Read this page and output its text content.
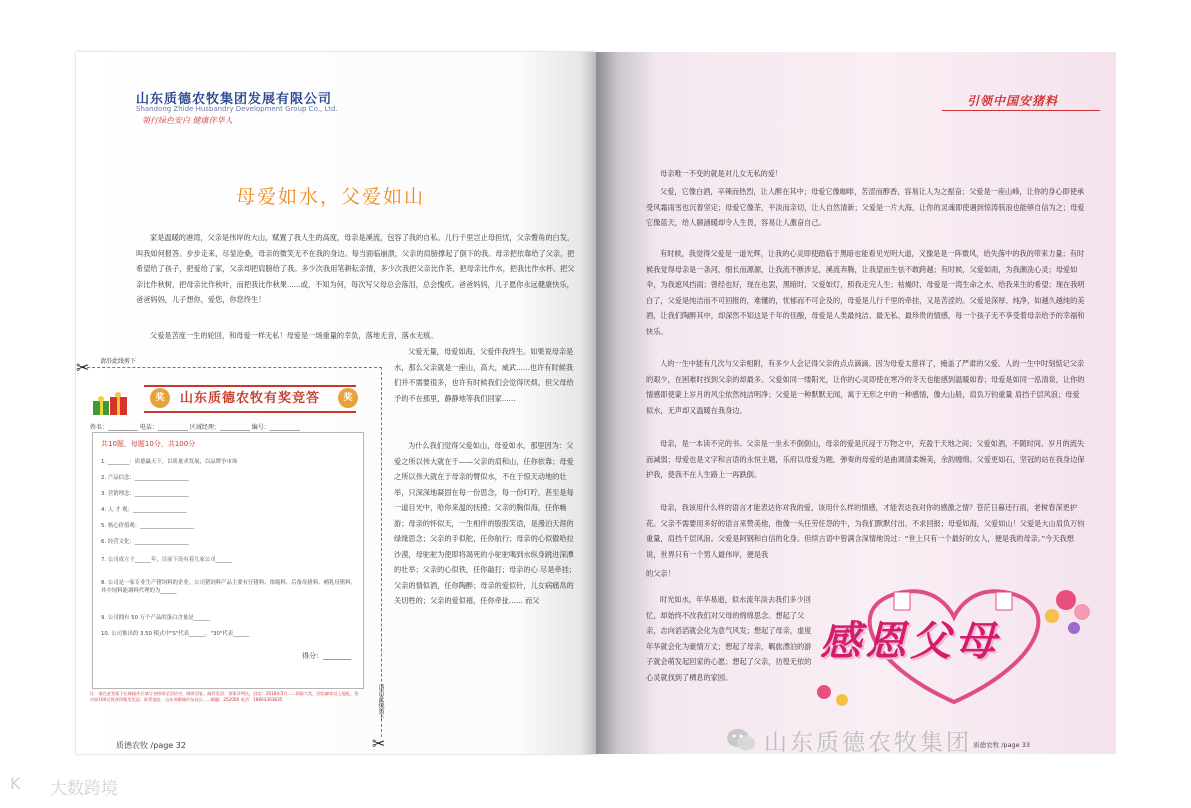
山东质德农牧集团发展有限公司
Shandong Zhide Husbandry Development Group Co., Ltd.
領行绿色安白 健康伴华人
母爱如水，父爱如山

家是温暖的港湾，父亲是伟岸的大山，赋置了我人生的高度，母亲是溪流，包容了我的自私。儿行千里岂止母担忧，父亲瞥角的白发，叫我如何报答。步步走来，尽显沧桑，母亲的微笑无不在我的身边。每当面临崩溃，父亲的肩膀撑起了倒下的我。母亲把依靠给了父亲，把希望给了孩子，把爱给了家，父亲却把肩膀给了我。多少次我用笔耕耘亲情，多少次我把父亲比作茶，把母亲比作水，把我比作水杯。把父亲比作秋树，把母亲比作秋叶，而把我比作秋果......或，不知为何，每次写父母总会落泪，总会愧疚。爸爸妈妈，儿子愿你永远健康快乐，爸爸妈妈，儿子想你，爱您，你您终生！

父爱是苦度一生的轮回，和母爱一样无私！母爱是一场重量的幸负，落地无音，落水无痕。

父爱无量，母爱如海，父爱伴我终生。如果说母亲是水，那么父亲就是一座山，高大，威武......也许有时候我们并不需要很多，也许有时候我们会觉得厌烦。但父母给予的不在那里，静静地等我们回家......

为什么我们觉得父爱如山，母爱如水，那里因为：父爱之所以伟大就在于——父亲的肩和山，任你依靠；母爱之所以伟大就在于母亲的臂似水，不在于惊天动地的壮举，只深深地凝固在每一份思念，每一份叮咛，甚至是每一道目光中，哈你来温的抚摸；父亲的胸似海，任你畅游；母亲的怀似天，一生相伴的股股笑语，是漫泊天涯的绿缘思念；父亲的手似舵，任你航行；母亲的心似傲哈拉沙漠，母驼驼为使即将渴死的小驼驼喝到水纵身跳进深潭的壮举；父亲的心似铁，任你敲打；母亲的心 尽是牵挂；父亲的情似酒，任你陶醉；母亲的爱似针，儿女病痛帛的关切牲的；父亲的爱似禧，任你牵扯...... 而父

请沿此线剪下
✂
✂
请沿此线剪下
奖	山东质德农牧有奖竞答	奖
姓名：__________ 电话：__________ 区域经理：__________ 编号：__________
共10题，每题10分，共100分
1. ________：质德赢天下，以质量求发展，以品牌争市场
2. 产品信念：____________________
3. 营销理念：____________________
4. 人 才 观：____________________
5. 核心价值观：____________________
6. 经营文化：____________________
7. 公司成立于______年，目前下设有着几家公司______
8. 公司是一家专业生产猪饲料的企业，公司猪饲料产品主要有仔猪料、浓缩料、后备母猪料、哺乳母猪料，其中饲料能调料代理的为______
9. 公司拥有 50 万个产品的蛋白含量是______
10. 公司推出的 3.50 模式中"S"代表______，"30"代表______
得分：________
注：请在此答案下长梯操作后填写表格寄至回信中，邮寄回复。邮件发回：答案评判比，回信：2018年5月......领取大奖，回信邮寄以上地址，答对前100名将获得精美奖品；联系地址：山东省聊城市东昌区......邮编：252000 电话：18663363835
质德农牧 /page 32
引领中国安猪料

母亲唯一不变的就是对儿女无私的爱！

父爱，它像白酒，辛辣而热烈，让人醉在其中；母爱它像咖啡，苦涩而醇香，容易让人为之振奋；父爱是一座山峰，让你的身心即使承受风霜雨雪也沉着坚定；母爱它像茶，平淡而亲切，让人自然清新；父爱是一片大海，让你的灵魂即使遇到惊涛骇浪也能够自信为之；母爱它像蓝天，给人颐涵暖却令人生畏，容易让人激奋自己。

有时候，我觉得父爱是一道光辉，让我的心灵即使踏临于黑暗也能看见光明大道，又像是是一阵微风，给失落中的我的带来力量；有时候我觉得母亲是一条河，细长而源源，让我流不断涉足，溪流奔腾，让我望而生怯不敢跨越；有时候，父爱如雨，为我潮洗心灵；母爱如伞，为我遮风挡雨；曾经也好，现在也罢，黑暗时，父爱如灯，照我走完人生；枯燥时，母爱是一湾生命之水，给我来生的希望；现在我明白了，父爱是纯洁而不可回报的，难懂的，忧郁而不可企及的，母爱是儿行千里的牵挂，又是苦涩的。父爱是深厚、纯净，如越久越纯的美酒，让我们陶醉其中，却深然不知这是千年的佳酿，母爱是人类最纯洁、最无私、最珍贵的情感，每一个孩子无不享受着母亲给予的幸福和快乐。

人的一生中能有几次与父亲相附，有多少人会记得父亲的点点滴滴。因为母爱太慈祥了，掩盖了严肃的父爱。人的一生中时刻惦记父亲的艰少，在困难时找到父亲的却最多。父爱如同一缕阳光，让你的心灵即使在寒冷的冬天也能感到温暖如春；母爱是如同一泓清泉，让你的情感即使蒙上岁月的风尘依然纯洁明净；父爱是一种默默无闻，寓于无形之中的一种感情，像大山般，肩负万钧重量 肩挡千层风浪；母爱似水，无声却又温暖在我身边。

母亲，是一本读不完的书。父亲是一坐永不倒倒山，母亲的爱是沉浸于万物之中，充盈于天地之间；父爱如酒，不随时间、岁月的流失而减弱；母爱也是文字和言语的永恒主题，乐府以母爱为题，弹奏的母爱的是曲调清柔婉美，余韵缠绵。父爱更如石，坚冠的站在我身边保护我，使我不在人生路上一再跌倒。

母亲，我该用什么样的语言才能表达你对我的爱，该用什么样的情感，才能表达我对你的感激之情？苍茫日暮还行雨，老树春深更护花。父亲不需要用多好的语言来赞美他，他像一头任劳任怨的牛，为我们默默付出，不求回报；母爱如海，父爱如山！父爱是大山肩负万钧重量，肩挡千层风浪。父爱是阿钢和自信的化身。但续古语中曾满含深情地说过：“世上只有一个最好的女人，便是我的母亲。”今天我想说，世界只有一个男人最伟岸，便是我

的父亲！

时光如水，年华易逝，似水流年淡去我们多少回忆，却始终不改我们对父母的绵绵思念。想起了父亲，志向滔滔就会化为意气风发；想起了母亲，虚度年华就会化为豪情万丈；想起了母亲，羁旅漂泊的游子就会萌发起回家的心愿；想起了父亲，彷徨无依的心灵就找到了栖息的家园。

感恩父母
质德农牧 /page 33
山东质德农牧集团
K 大数跨境
